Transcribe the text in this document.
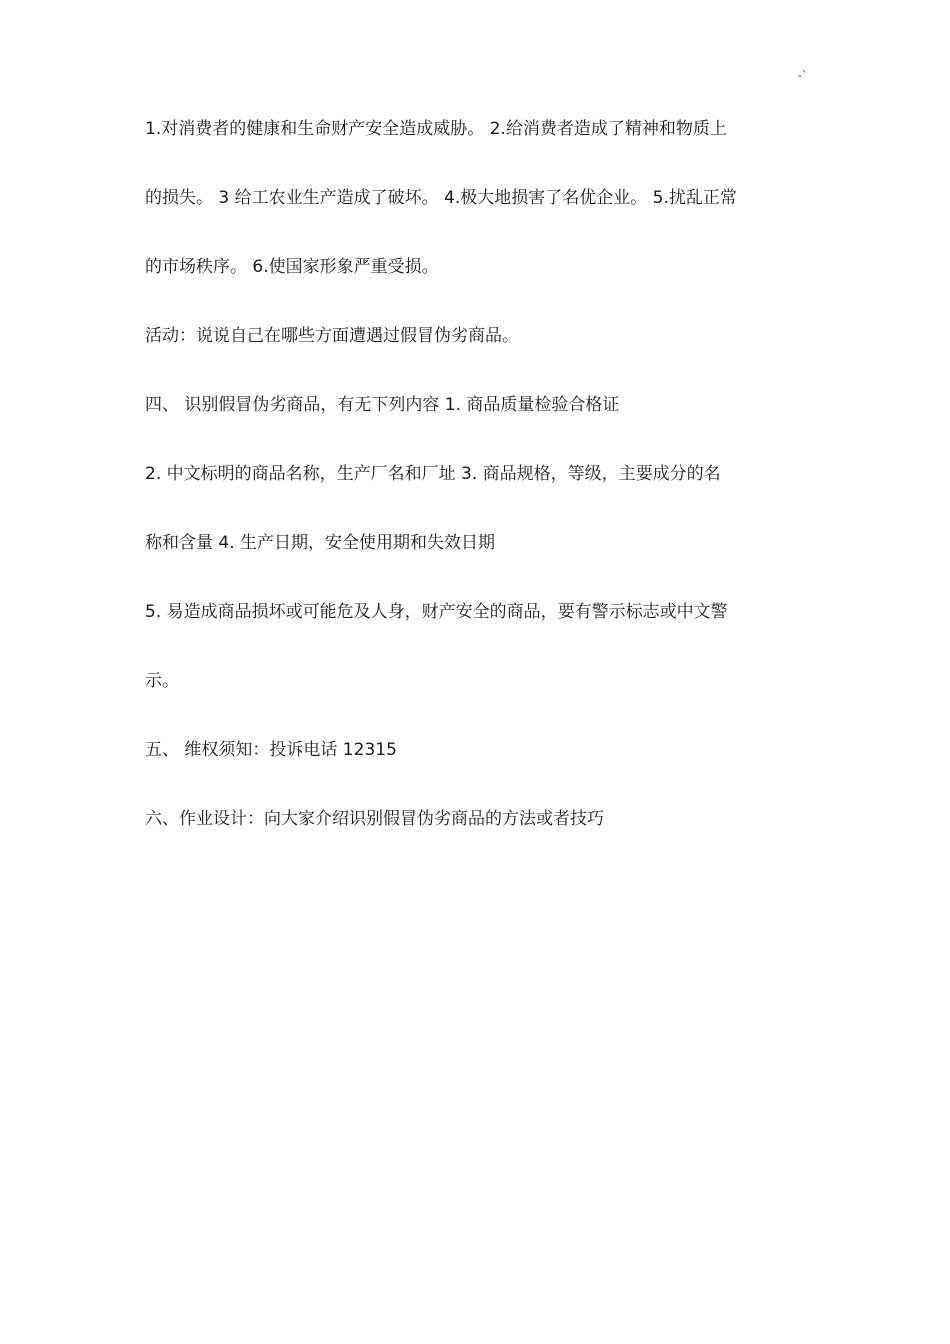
-`
1.对消费者的健康和生命财产安全造成威胁。 2.给消费者造成了精神和物质上
的损失。 3 给工农业生产造成了破坏。 4.极大地损害了名优企业。 5.扰乱正常
的市场秩序。 6.使国家形象严重受损。
活动：说说自己在哪些方面遭遇过假冒伪劣商品。
四、 识别假冒伪劣商品，有无下列内容 1. 商品质量检验合格证
2. 中文标明的商品名称，生产厂名和厂址 3. 商品规格，等级，主要成分的名
称和含量 4. 生产日期，安全使用期和失效日期
5. 易造成商品损坏或可能危及人身，财产安全的商品，要有警示标志或中文警
示。
五、 维权须知：投诉电话 12315
六、作业设计：向大家介绍识别假冒伪劣商品的方法或者技巧
